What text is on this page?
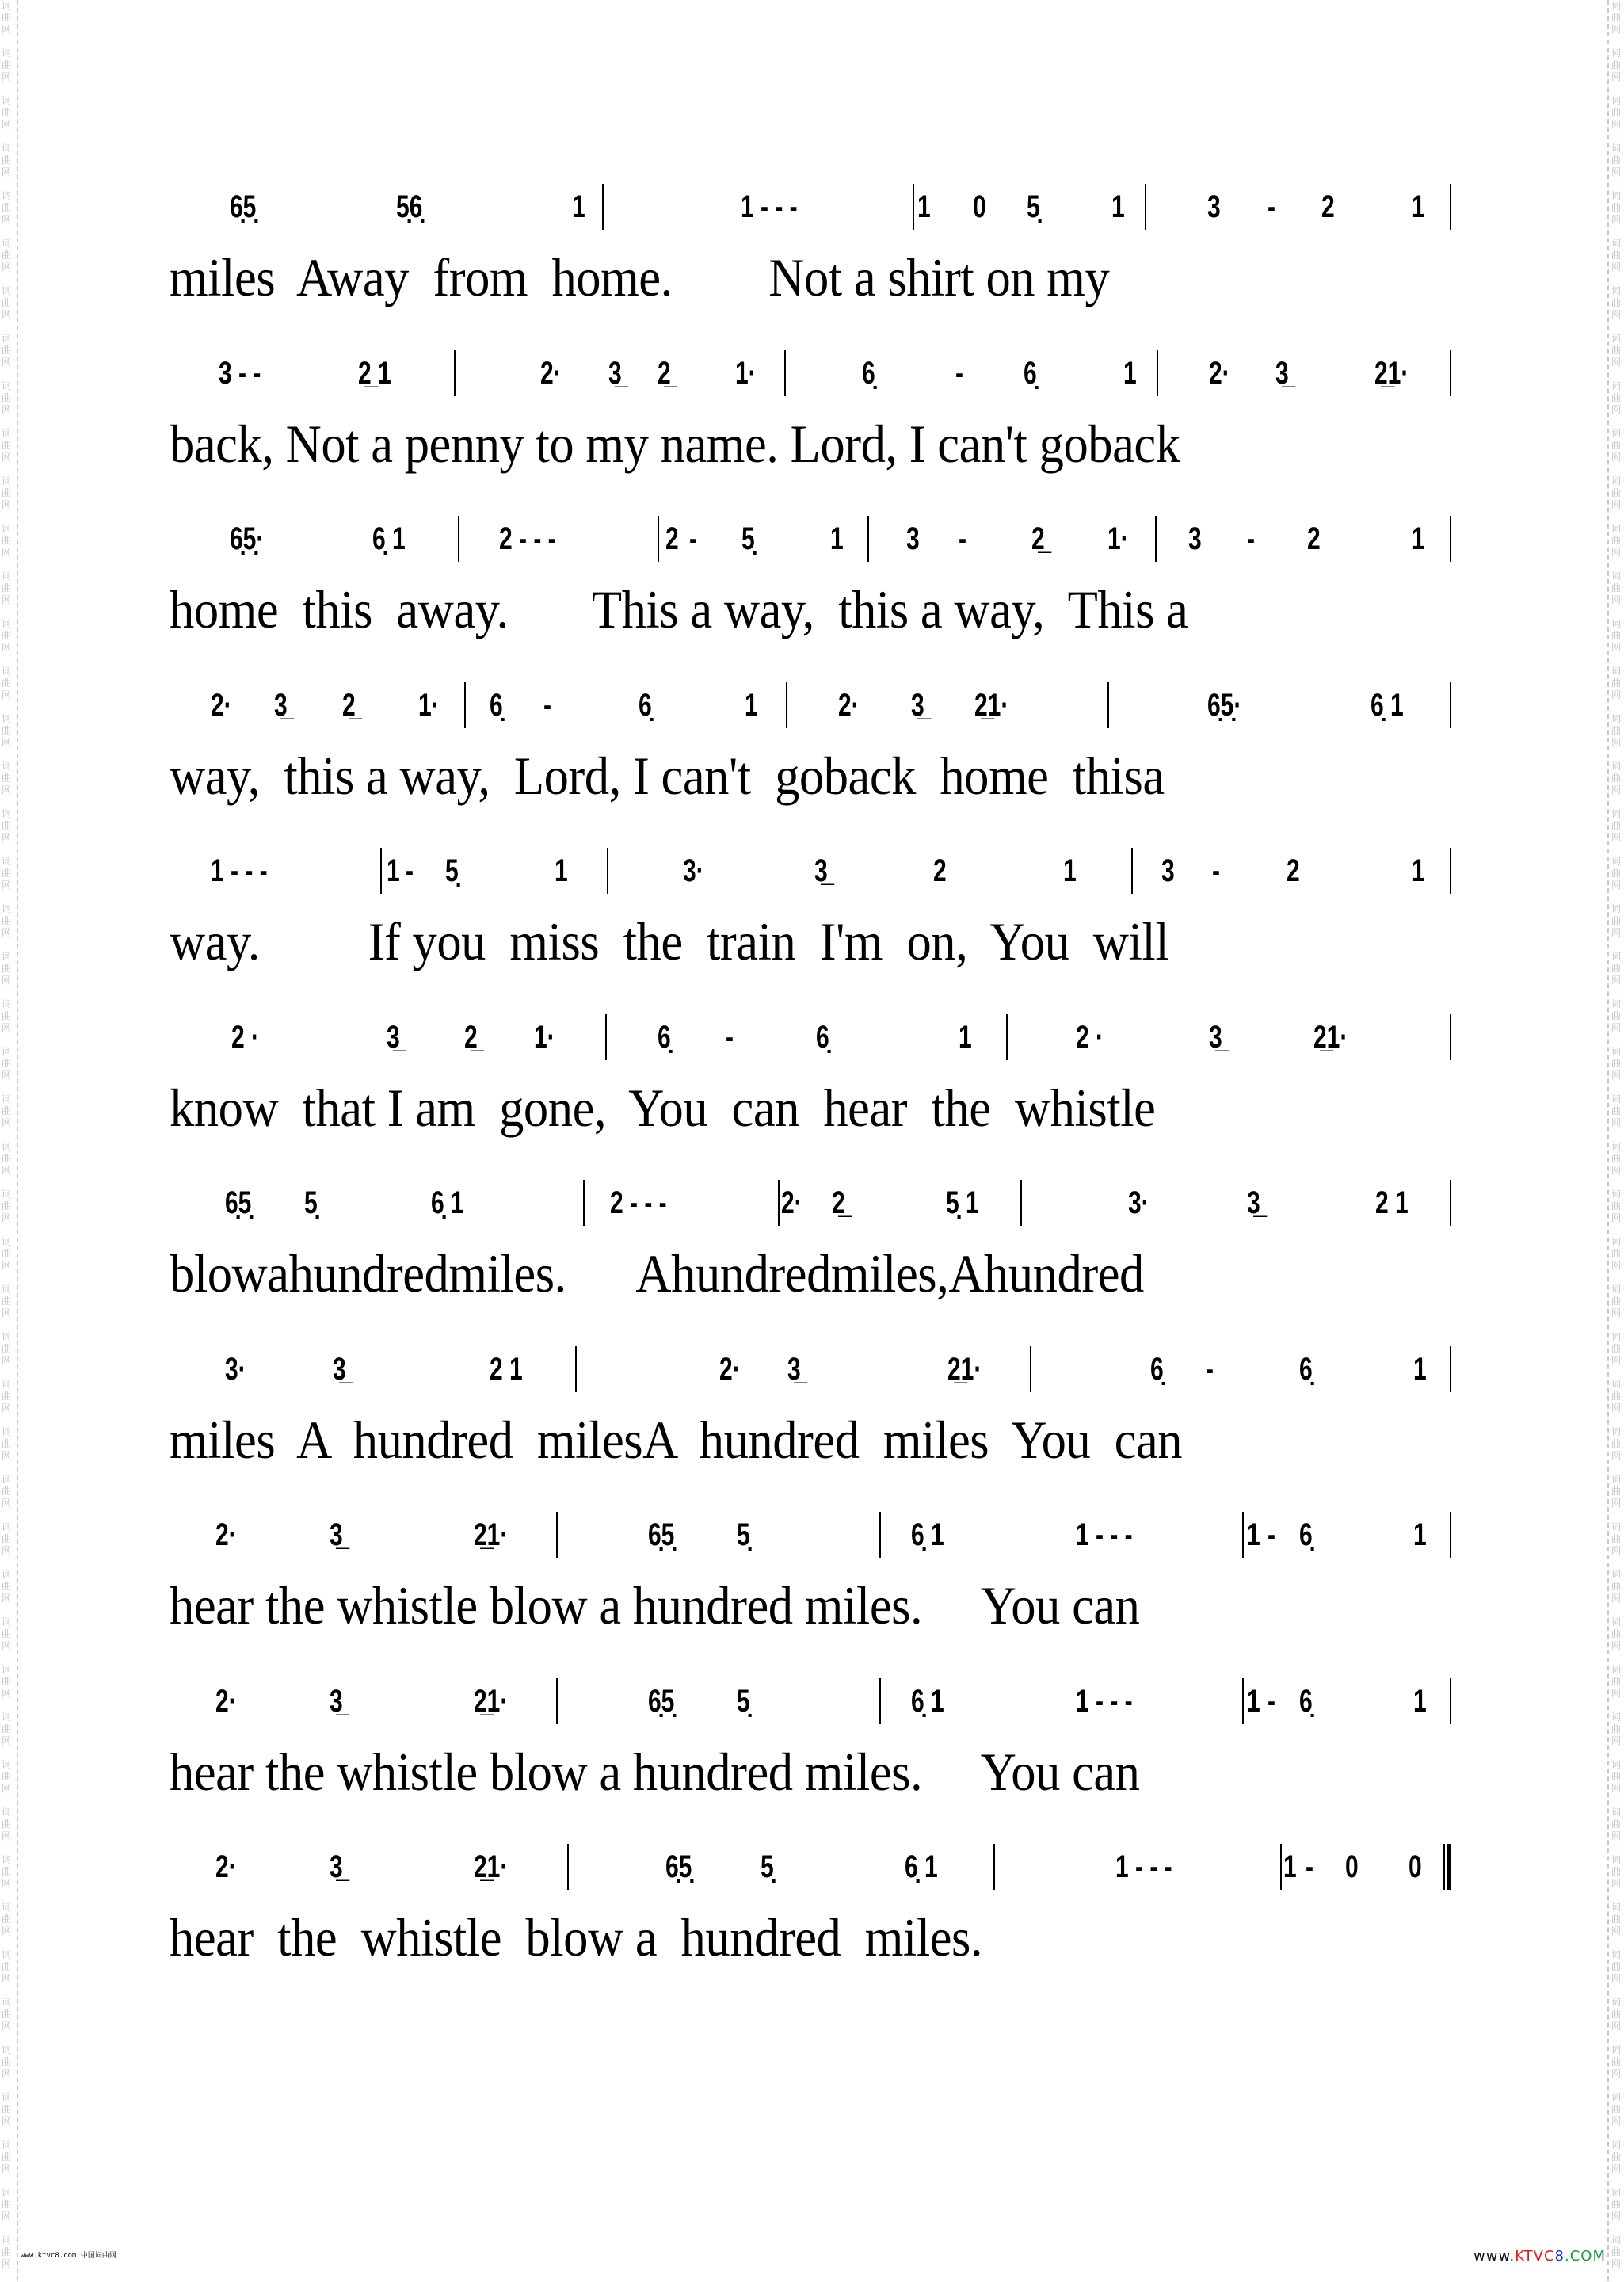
词
曲
网
词
曲
网
词
曲
网
词
曲
网
词
曲
网
词
曲
网
词
曲
网
词
曲
网
词
曲
网
词
曲
网
词
曲
网
词
曲
网
词
曲
网
词
曲
网
词
曲
网
词
曲
网
词
曲
网
词
曲
网
词
曲
网
词
曲
网
词
曲
网
词
曲
网
词
曲
网
词
曲
网
词
曲
网
词
曲
网
词
曲
网
词
曲
网
词
曲
网
词
曲
网
词
曲
网
词
曲
网
词
曲
网
词
曲
网
词
曲
网
词
曲
网
词
曲
网
词
曲
网
词
曲
网
词
曲
网
词
曲
网
词
曲
网
词
曲
网
词
曲
网
词
曲
网
词
曲
网
词
曲
网
词
曲
网
词
曲
网
词
曲
网
词
曲
网
词
曲
网
词
曲
网
词
曲
网
词
曲
网
词
曲
网
词
曲
网
词
曲
网
词
曲
网
词
曲
网
词
曲
网
词
曲
网
词
曲
网
词
曲
网
词
曲
网
词
曲
网
词
曲
网
词
曲
网
词
曲
网
词
曲
网
词
曲
网
词
曲
网
词
曲
网
词
曲
网
词
曲
网
词
曲
网
词
曲
网
词
曲
网
词
曲
网
词
曲
网
词
曲
网
词
曲
网
词
曲
网
词
曲
网
词
曲
网
词
曲
网
词
曲
网
词
曲
网
词
曲
网
词
曲
网
词
曲
网
词
曲
网
词
曲
网
词
曲
网
词
曲
网
词
曲
网
6̣5̣	5̣6̣	1	1 - - -	1 0 5̣ 1	3 - 2 1
miles  Away  from  home.        Not a shirt on my
3 - -	2̲ 1	2· 3̲ 2̲ 1·	6̣	- 6̣	1 2· 3̲	2̲1·
back, Not a penny to my name. Lord, I can't goback
6̣5̣·	6̣ 1	2 - - -	2 - 5̣ 1 3 - 2̲ 1· 3 - 2	1
home  this  away.       This a way,  this a way,  This a
2· 3̲ 2̲ 1· 6̣ -	6̣	1	2· 3̲ 2̲1·	6̣5̣·	6̣ 1
way,  this a way,  Lord, I can't  goback  home  thisa
1 - - -	1 - 5̣	1	3·	3̲	2	1	3 - 2	1
way.         If you  miss  the  train  I'm  on,  You  will
2 ·	3̲ 2̲ 1·	6̣ -	6̣	1	2 ·	3̲	2̲1·
know  that I am  gone,  You  can  hear  the  whistle
6̣5̣ 5̣	6̣ 1	2 - - -	2· 2̲	5̣ 1	3·	3̲	2 1
blowahundredmiles.      Ahundredmiles,Ahundred
3·	3̲	2 1	2· 3̲	2̲1·	6̣ -	6̣	1
miles  A  hundred  milesA  hundred  miles  You  can
2·	3̲	2̲1·	6̣5̣ 5̣	6̣ 1	1 - - -	1 - 6̣	1
hear the whistle blow a hundred miles.     You can
2·	3̲	2̲1·	6̣5̣ 5̣	6̣ 1	1 - - -	1 - 6̣	1
hear the whistle blow a hundred miles.     You can
2·	3̲	2̲1·	6̣5̣ 5̣	6̣ 1	1 - - -	1 - 0 0
hear  the  whistle  blow a  hundred  miles.
www.ktvc8.com 中国词曲网	www.KTVC8.COM
